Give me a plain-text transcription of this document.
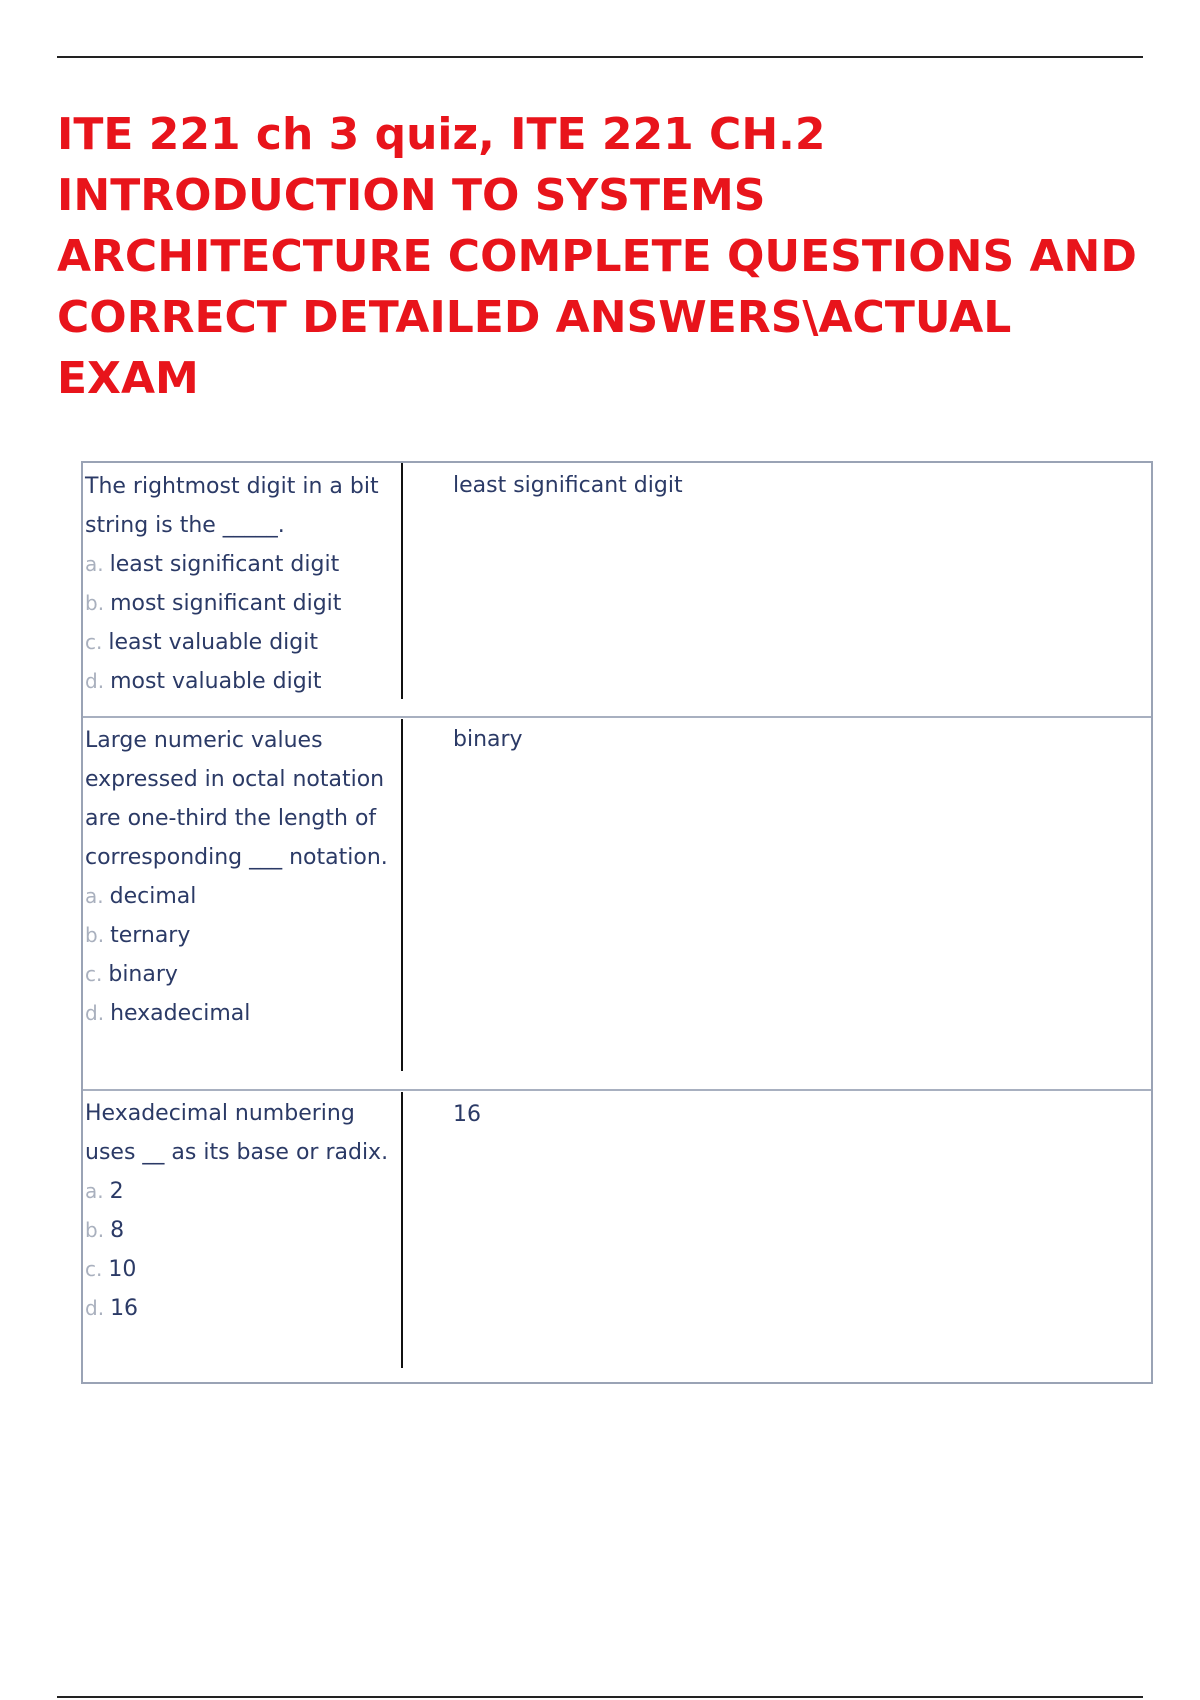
ITE 221 ch 3 quiz, ITE 221 CH.2 INTRODUCTION TO SYSTEMS ARCHITECTURE COMPLETE QUESTIONS AND CORRECT DETAILED ANSWERS\ACTUAL EXAM

The rightmost digit in a bit string is the _____.

a. least significant digit

b. most significant digit

c. least valuable digit

d. most valuable digit

least significant digit

Large numeric values expressed in octal notation are one-third the length of corresponding ___ notation.

a. decimal

b. ternary

c. binary

d. hexadecimal

binary

Hexadecimal numbering uses __ as its base or radix.

a. 2

b. 8

c. 10

d. 16

16
